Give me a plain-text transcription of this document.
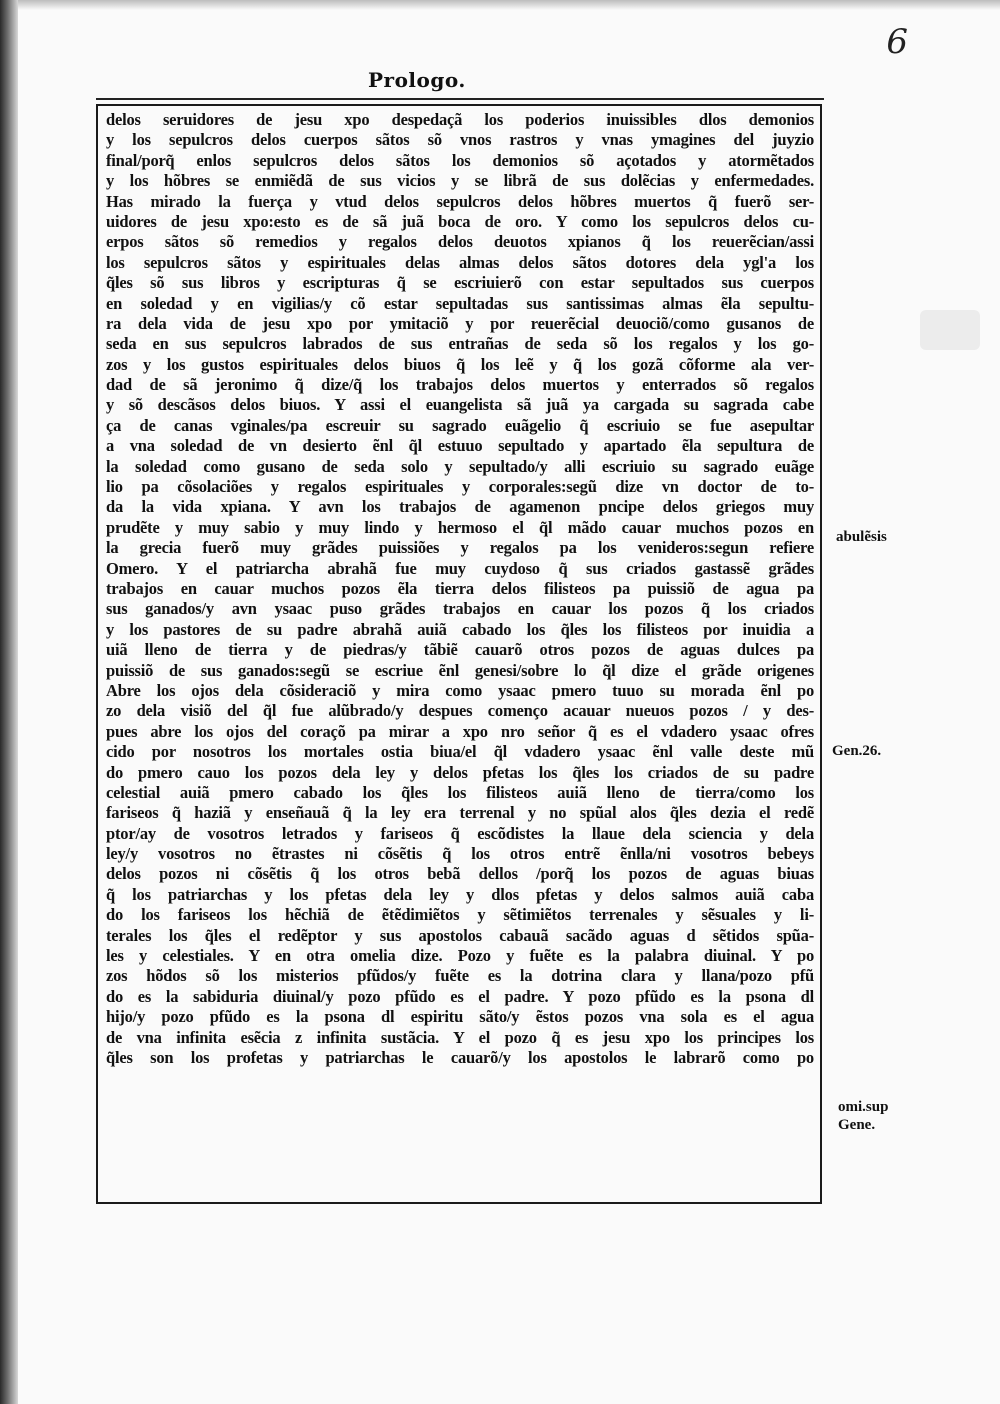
6
Prologo.
delos seruidores de jesu xpo despedaçã los poderios inuissibles dlos demonios
y los sepulcros delos cuerpos sãtos sõ vnos rastros y vnas ymagines del juyzio
final/porq̃ enlos sepulcros delos sãtos los demonios sõ açotados y atormẽtados
y los hõbres se enmiẽdã de sus vicios y se librã de sus dolẽcias y enfermedades.
Has mirado la fuerça y vtud delos sepulcros delos hõbres muertos q̃ fuerõ ser-
uidores de jesu xpo:esto es de sã juã boca de oro. Y como los sepulcros delos cu-
erpos sãtos sõ remedios y regalos delos deuotos xpianos q̃ los reuerẽcian/assi
los sepulcros sãtos y espirituales delas almas delos sãtos dotores dela ygl'a los
q̃les sõ sus libros y escripturas q̃ se escriuierõ con estar sepultados sus cuerpos
en soledad y en vigilias/y cõ estar sepultadas sus santissimas almas ẽla sepultu-
ra dela vida de jesu xpo por ymitaciõ y por reuerẽcial deuociõ/como gusanos de
seda en sus sepulcros labrados de sus entrañas de seda sõ los regalos y los go-
zos y los gustos espirituales delos biuos q̃ los leẽ y q̃ los gozã cõforme ala ver-
dad de sã jeronimo q̃ dize/q̃ los trabajos delos muertos y enterrados sõ regalos
y sõ descãsos delos biuos. Y assi el euangelista sã juã ya cargada su sagrada cabe
ça de canas vginales/pa escreuir su sagrado euãgelio q̃ escriuio se fue asepultar
a vna soledad de vn desierto ẽnl q̃l estuuo sepultado y apartado ẽla sepultura de
la soledad como gusano de seda solo y sepultado/y alli escriuio su sagrado euãge
lio pa cõsolaciões y regalos espirituales y corporales:segũ dize vn doctor de to-
da la vida xpiana. Y avn los trabajos de agamenon pncipe delos griegos muy
prudẽte y muy sabio y muy lindo y hermoso el q̃l mãdo cauar muchos pozos en
la grecia fuerõ muy grãdes puissiões y regalos pa los venideros:segun refiere
Omero. Y el patriarcha abrahã fue muy cuydoso q̃ sus criados gastassẽ grãdes
trabajos en cauar muchos pozos ẽla tierra delos filisteos pa puissiõ de agua pa
sus ganados/y avn ysaac puso grãdes trabajos en cauar los pozos q̃ los criados
y los pastores de su padre abrahã auiã cabado los q̃les los filisteos por inuidia a
uiã lleno de tierra y de piedras/y tãbiẽ cauarõ otros pozos de aguas dulces pa
puissiõ de sus ganados:segũ se escriue ẽnl genesi/sobre lo q̃l dize el grãde origenes
Abre los ojos dela cõsideraciõ y mira como ysaac pmero tuuo su morada ẽnl po
zo dela visiõ del q̃l fue alũbrado/y despues començo acauar nueuos pozos / y des-
pues abre los ojos del coraçõ pa mirar a xpo nro señor q̃ es el vdadero ysaac ofres
cido por nosotros los mortales ostia biua/el q̃l vdadero ysaac ẽnl valle deste mũ
do pmero cauo los pozos dela ley y delos pfetas los q̃les los criados de su padre
celestial auiã pmero cabado los q̃les los filisteos auiã lleno de tierra/como los
fariseos q̃ haziã y enseñauã q̃ la ley era terrenal y no spũal alos q̃les dezia el redẽ
ptor/ay de vosotros letrados y fariseos q̃ escõdistes la llaue dela sciencia y dela
ley/y vosotros no ẽtrastes ni cõsẽtis q̃ los otros entrẽ ẽnlla/ni vosotros bebeys
delos pozos ni cõsẽtis q̃ los otros bebã dellos /porq̃ los pozos de aguas biuas
q̃ los patriarchas y los pfetas dela ley y dlos pfetas y delos salmos auiã caba
do los fariseos los hẽchiã de ẽtẽdimiẽtos y sẽtimiẽtos terrenales y sẽsuales y li-
terales los q̃les el redẽptor y sus apostolos cabauã sacãdo aguas d sẽtidos spũa-
les y celestiales. Y en otra omelia dize. Pozo y fuẽte es la palabra diuinal. Y po
zos hõdos sõ los misterios pfũdos/y fuẽte es la dotrina clara y llana/pozo pfũ
do es la sabiduria diuinal/y pozo pfũdo es el padre. Y pozo pfũdo es la psona dl
hijo/y pozo pfũdo es la psona dl espiritu sãto/y ẽstos pozos vna sola es el agua
de vna infinita esẽcia z infinita sustãcia. Y el pozo q̃ es jesu xpo los principes los
q̃les son los profetas y patriarchas le cauarõ/y los apostolos le labrarõ como po
abulẽsis
Gen.26.
omi.sup
Gene.
